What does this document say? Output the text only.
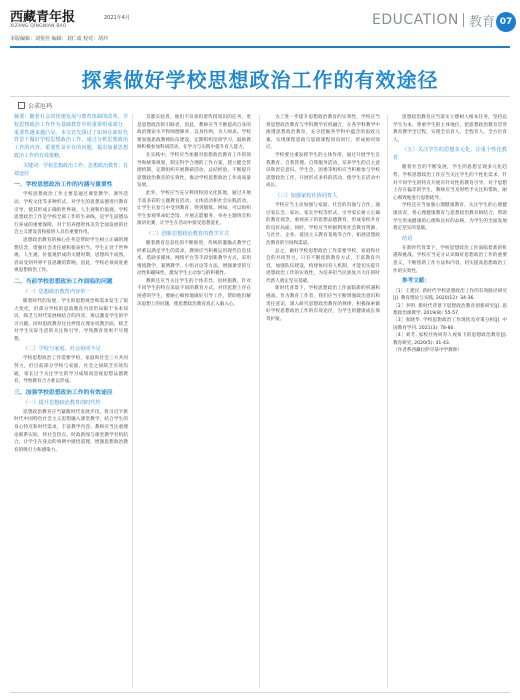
西藏青年报
XIZANG QINGNIAN BAO
2021年4月
本版编辑：刘悦佳 编辑：刘仁成 校对：胡玲
EDUCATION 教育 07
探索做好学校思想政治工作的有效途径
公求厄玛

摘要：随着社会的快速发展与教育体制的改革，学校思想政治工作作为基础教育中的重要组成部分，重要性越来越凸显。本文首先探讨了如何在新时代背景下做好学校思想政治工作，通过分析思想政治工作的内容、重要性及存在的问题，提出加强思想政治工作的有效策略。

关键词：学校思想政治工作；思想政治教育；有效途径

一、学校思想政治工作的内涵与重要性

学校思想政治工作主要是通过课堂教学、课外活动、学校文化等多种形式，对学生的思想品德进行教育引导，使其形成正确的世界观、人生观和价值观。学校思想政治工作是学校全部工作的生命线，是学生道德品行养成的重要保障，对于培养德智体美劳全面发展的社会主义建设者和接班人具有重要作用。

思想政治教育的核心任务是帮助学生树立正确的理想信念，增强社会责任感和使命担当。学生正处于世界观、人生观、价值观形成的关键时期，思想尚不成熟，容易受到外界不良思潮的影响，因此，学校必须高度重视思想政治工作。

二、当前学校思想政治工作面临的问题

（一）思想政治教育内容单一

随着时代的发展，学生的思想观念和需求发生了很大变化，但部分学校的思政教育内容仍局限于书本知识，缺乏与时代发展相结合的内容，难以激发学生的学习兴趣。同时思政教育往往停留在理论说教层面，缺乏对学生实际生活的关注和引导，导致教育效果不尽理想。

（二）学校与家庭、社会协同不足

学校思想政治工作需要学校、家庭和社会三方共同努力，但目前部分学校与家庭、社会之间缺乏有效沟通，家长过于关注学生的学习成绩而忽视思想品德教育，导致教育合力难以形成。

三、加强学校思想政治工作的有效途径

（一）提升思想政治教育的时代性

思想政治教育应当紧跟时代发展步伐，将习近平新时代中国特色社会主义思想融入课堂教学，结合学生的身心特点和时代需求，丰富教学内容。教师应当注重理论联系实际，将社会热点、时政新闻与课堂教学有机结合，让学生在身边的事例中感悟道理，增强思想政治教育的吸引力和感染力。

首都实验者，他们不仅承担着传授知识的任务，更是思想政治的引路者，因此，教师应当不断提高自身的政治理论水平和师德修养，以身作则，为人师表。学校要加强思政教师队伍建设，定期组织培训学习，鼓励教师积极参加科研活动，在学习与实践中提升育人能力。

在实践中，学校应当加强对思想政治教育工作的领导和统筹规划，制定科学合理的工作方案，建立健全管理机制，定期组织开展教研活动，总结经验，不断提升思想政治教育的实效性，推动学校思想政治工作高质量发展。

此外，学校应当充分利用校园文化阵地，通过开展丰富多彩的主题教育活动、文体活动和社会实践活动，让学生在参与中受到教育、得到锻炼。例如，可以组织学生参观革命纪念馆、开展志愿服务、举办主题班会和演讲比赛，让学生在活动中接受思想洗礼。

（二）创新思想政治教育的教学方式

随着教育信息化的不断推进，传统的灌输式教学已经难以满足学生的需求。教师应当积极运用现代信息技术，借助多媒体、网络平台等手段创新教学方式，采用情境教学、案例教学、小组讨论等方法，增强课堂的互动性和趣味性，激发学生主动参与的积极性。

教师还应当关注学生的个体差异，因材施教，针对不同学生的特点采取不同的教育方式。对待思想上存在困惑的学生，要耐心细致地做好引导工作，帮助他们解决思想上的问题，使思想政治教育真正入脑入心。

为了进一步提升思想政治教育的实效性，学校应当将思想政治教育与学科教学有机融合，在各学科教学中渗透思想政治教育，充分挖掘各学科中蕴含的思政元素，实现课程思政与思政课程同向同行，形成协同效应。

学校要注重发挥学生的主体作用，通过开展学生自我教育、自我管理、自我服务活动，培养学生的自主意识和责任意识。学生会、团委等组织应当积极参与学校思想政治工作，开展形式多样的活动，使学生在活动中成长。

（三）加强家校社协同育人

学校应当主动加强与家庭、社会的沟通与合作，通过家长会、家访、家长学校等形式，引导家长树立正确的教育观念，重视孩子的思想品德教育，形成家校共育的良好局面。同时，学校应当积极利用社会教育资源，与社区、企业、爱国主义教育基地等合作，拓展思想政治教育的空间和渠道。

总之，做好学校思想政治工作需要学校、家庭和社会的共同努力。只有不断创新教育方式，丰富教育内容，加强队伍建设，构建协同育人机制，才能切实提升思想政治工作的实效性，为培养担当民族复兴大任的时代新人奠定坚实基础。

新时代背景下，学校思想政治工作面临新的机遇和挑战。作为教育工作者，我们应当不断增强政治意识和责任意识，深入研究思想政治教育的规律，积极探索做好学校思想政治工作的有效途径，为学生的健康成长保驾护航。

思想政治教育应当落实立德树人根本任务，坚持以学生为本，尊重学生的主体地位，把思想政治教育贯穿教育教学全过程，实现全员育人、全程育人、全方位育人。

（五）关注学生的思想多元化，注重个性化教育

随着社会的不断发展，学生的思想呈现多元化趋势。学校思想政治工作应当关注学生的个性化需求，针对不同学生的特点开展有针对性的教育引导。对于思想上存在偏差的学生，教师应当及时给予关注和帮助，耐心细致地进行思想疏导。

学校还应当加强心理健康教育，关注学生的心理健康状况，将心理健康教育与思想政治教育相结合，帮助学生形成健康的心理和良好的品格，为学生的全面发展奠定坚实的基础。

结语

在新时代背景下，学校思想政治工作面临着新的机遇和挑战。学校应当充分认识做好思想政治工作的重要意义，不断创新工作方法和内容，切实提高思想政治工作的实效性。

参考文献：

［1］王建民. 新时代学校思想政治工作的有效路径研究[J]. 教育理论与实践, 2020(12): 34-36.

［2］李明. 新时代背景下思想政治教育创新研究[J]. 思想政治课教学, 2019(8): 55-57.

［3］张晓华. 学校思想政治工作现状及对策分析[J]. 中国教育学刊, 2021(3): 78-80.

［4］刘芳. 家校社协同育人视角下的思想政治教育[J]. 教育研究, 2020(5): 41-43.

（作者系西藏拉萨市某中学教师）
